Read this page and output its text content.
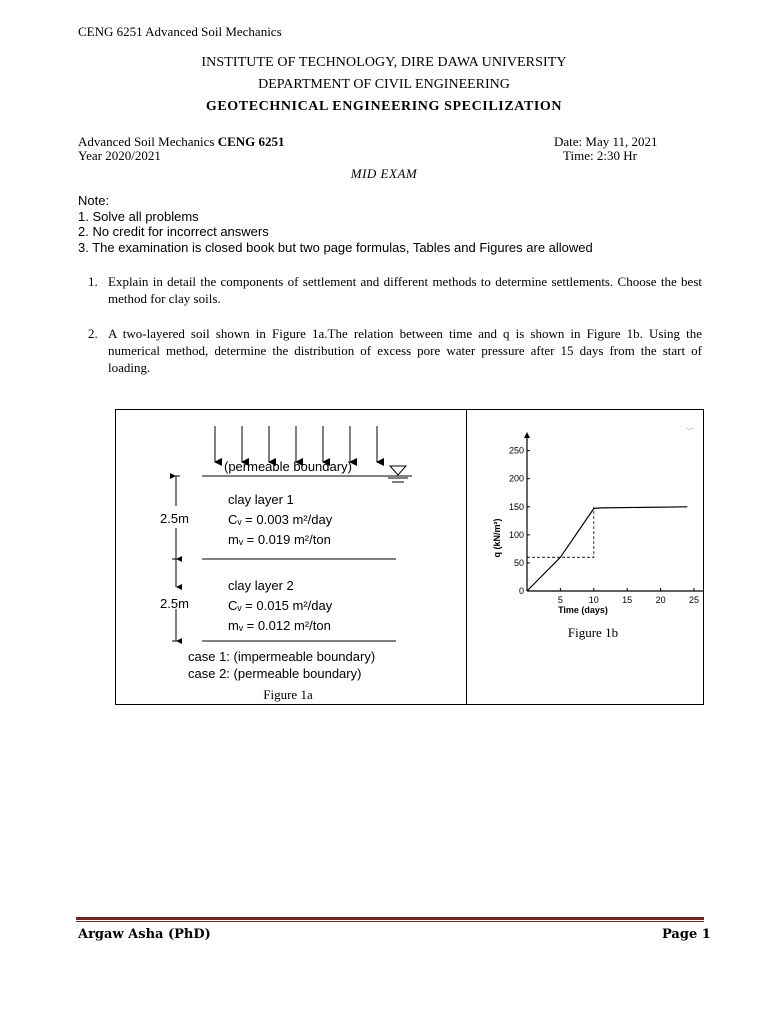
CENG 6251 Advanced Soil Mechanics
INSTITUTE OF TECHNOLOGY, DIRE DAWA UNIVERSITY
DEPARTMENT OF CIVIL ENGINEERING
GEOTECHNICAL ENGINEERING SPECILIZATION
Advanced Soil Mechanics CENG 6251
Year 2020/2021
Date: May 11, 2021
Time: 2:30 Hr
MID EXAM
Note:
1. Solve all problems
2. No credit for incorrect answers
3. The examination is closed book but two page formulas, Tables and Figures are allowed
1. Explain in detail the components of settlement and different methods to determine settlements. Choose the best method for clay soils.
2. A two-layered soil shown in Figure 1a.The relation between time and q is shown in Figure 1b. Using the numerical method, determine the distribution of excess pore water pressure after 15 days from the start of loading.
(permeable boundary)
2.5m
2.5m
clay layer 1
Cᵥ = 0.003 m²/day
mᵥ = 0.019 m²/ton
clay layer 2
Cᵥ = 0.015 m²/day
mᵥ = 0.012 m²/ton
case 1: (impermeable boundary)
case 2: (permeable boundary)
Figure 1a
5	10	15	20	25
0
50
100
150
200
250
Time (days)
q (kN/m²)
·.··
Figure 1b
Argaw Asha (PhD)	Page 1
